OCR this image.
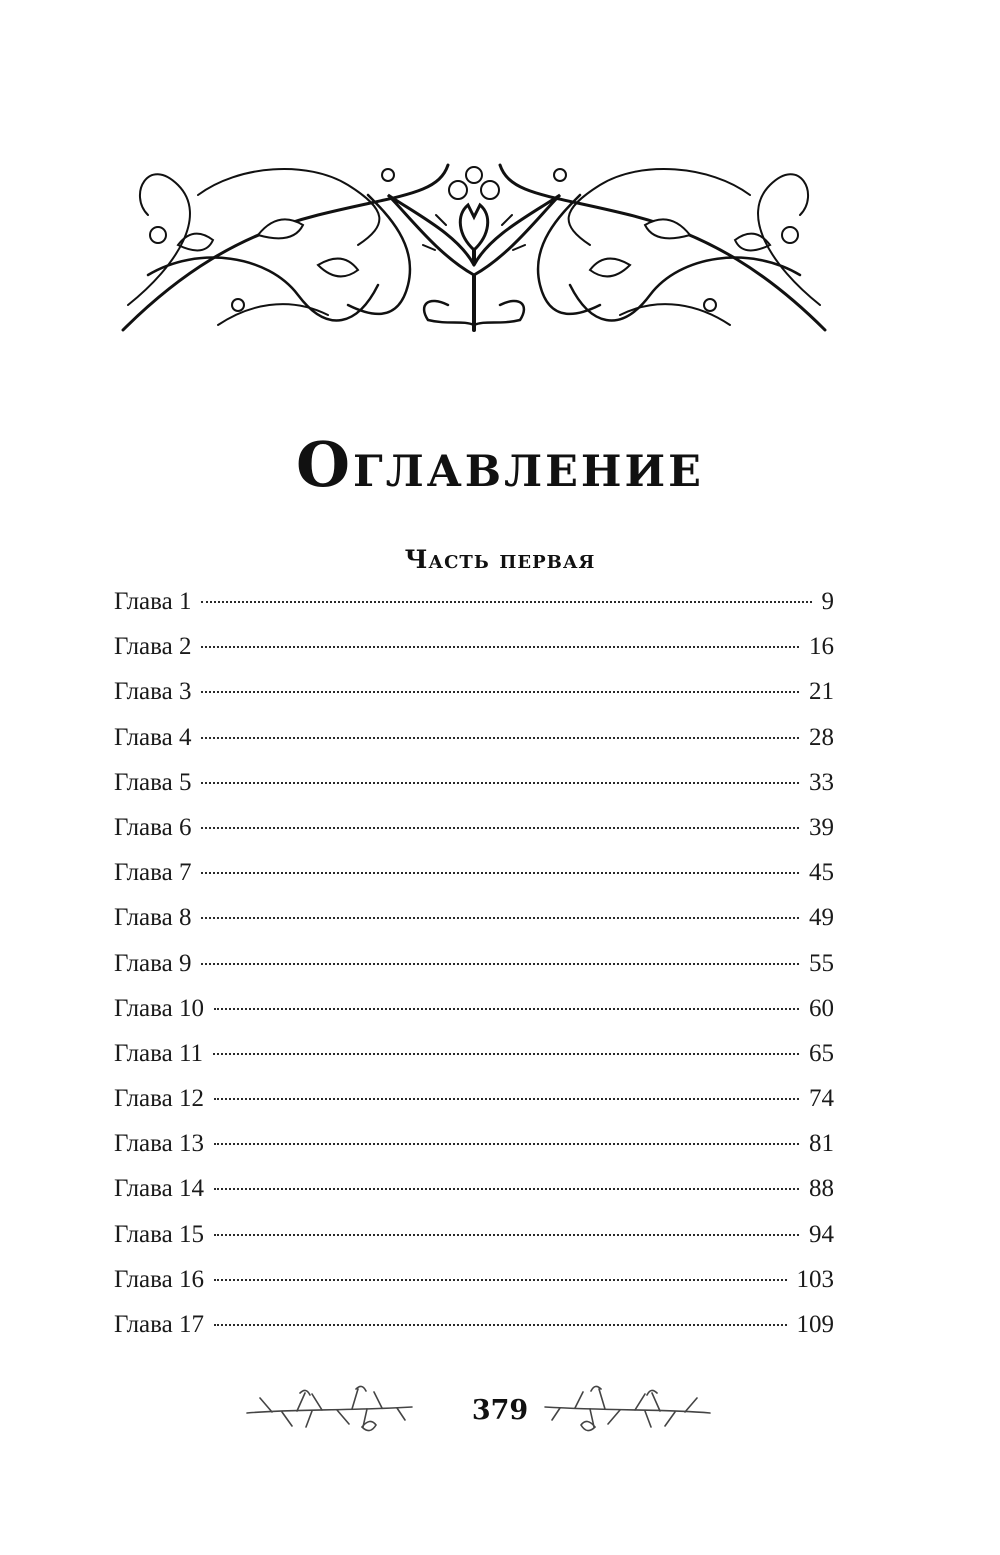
Оглавление
Часть первая
Глава 1	9
Глава 2	16
Глава 3	21
Глава 4	28
Глава 5	33
Глава 6	39
Глава 7	45
Глава 8	49
Глава 9	55
Глава 10	60
Глава 11	65
Глава 12	74
Глава 13	81
Глава 14	88
Глава 15	94
Глава 16	103
Глава 17	109
379
